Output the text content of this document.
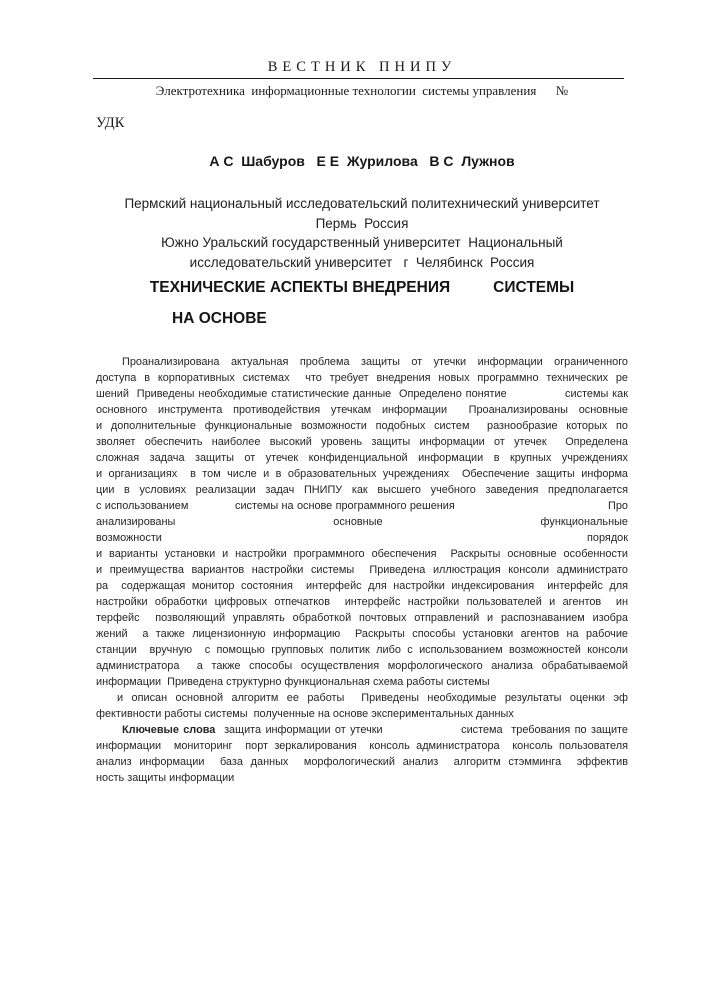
ВЕСТНИК ПНИПУ
Электротехника  информационные технологии  системы управления      №
УДК
А С  Шабуров   Е Е  Журилова   В С  Лужнов
Пермский национальный исследовательский политехнический университет
Пермь  Россия
Южно Уральский государственный университет  Национальный
исследовательский университет   г  Челябинск  Россия
ТЕХНИЧЕСКИЕ АСПЕКТЫ ВНЕДРЕНИЯ          СИСТЕМЫ
НА ОСНОВЕ
Проанализирована актуальная проблема защиты от утечки информации ограниченного
доступа в корпоративных системах  что требует внедрения новых программно технических ре
шений  Приведены необходимые статистические данные  Определено понятие               системы как
основного инструмента противодействия утечкам информации  Проанализированы основные
и дополнительные функциональные возможности подобных систем  разнообразие которых по
зволяет обеспечить наиболее высокий уровень защиты информации от утечек  Определена
сложная задача защиты от утечек конфиденциальной информации в крупных учреждениях
и организациях  в том числе и в образовательных учреждениях  Обеспечение защиты информа
ции в условиях реализации задач ПНИПУ как высшего учебного заведения предполагается
с использованием              системы на основе программного решения                                              Про
анализированы основные функциональные возможности                                                                    порядок
и варианты установки и настройки программного обеспечения  Раскрыты основные особенности
и преимущества вариантов настройки системы  Приведена иллюстрация консоли администрато
ра  содержащая монитор состояния  интерфейс для настройки индексирования  интерфейс для
настройки обработки цифровых отпечатков  интерфейс настройки пользователей и агентов  ин
терфейс  позволяющий управлять обработкой почтовых отправлений и распознаванием изобра
жений  а также лицензионную информацию  Раскрыты способы установки агентов на рабочие
станции  вручную  с помощью групповых политик либо с использованием возможностей консоли
администратора  а также способы осуществления морфологического анализа обрабатываемой
информации  Приведена структурно функциональная схема работы системы
и описан основной алгоритм ее работы  Приведены необходимые результаты оценки эф
фективности работы системы  полученные на основе экспериментальных данных
Ключевые слова  защита информации от утечки                  система  требования по защите
информации  мониторинг  порт зеркалирования  консоль администратора  консоль пользователя
анализ информации  база данных  морфологический анализ  алгоритм стэмминга  эффектив
ность защиты информации
